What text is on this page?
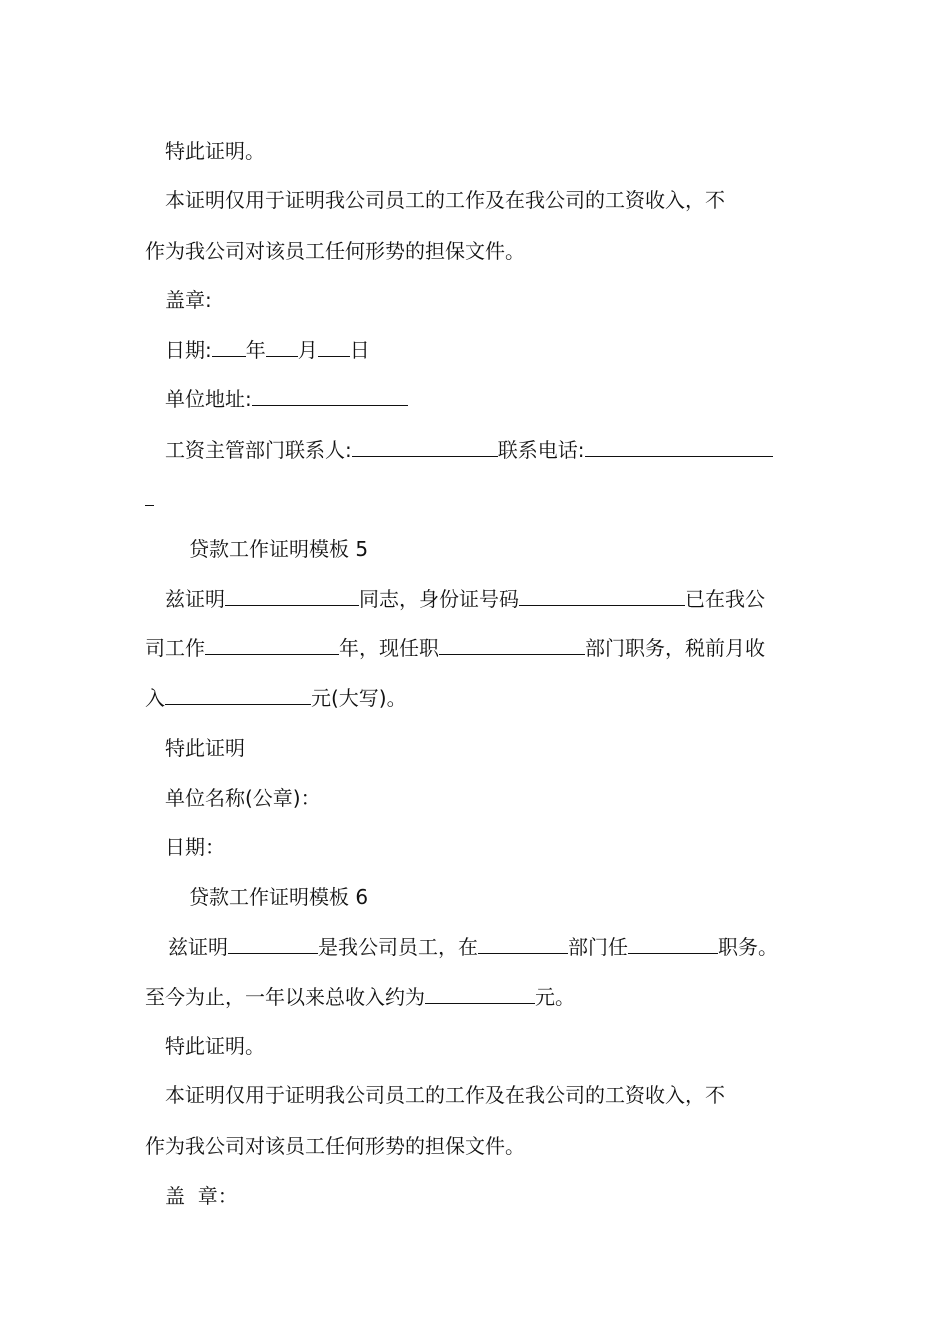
特此证明。
本证明仅用于证明我公司员工的工作及在我公司的工资收入，不
作为我公司对该员工任何形势的担保文件。
盖章:
日期: 年 月 日
单位地址:
工资主管部门联系人:	联系电话:
贷款工作证明模板 5
兹证明	同志，身份证号码	已在我公
司工作	年，现任职	部门职务，税前月收
入	元(大写)。
特此证明
单位名称(公章)：
日期：
贷款工作证明模板 6
兹证明	是我公司员工，在	部门任	职务。
至今为止，一年以来总收入约为	元。
特此证明。
本证明仅用于证明我公司员工的工作及在我公司的工资收入，不
作为我公司对该员工任何形势的担保文件。
盖  章：
